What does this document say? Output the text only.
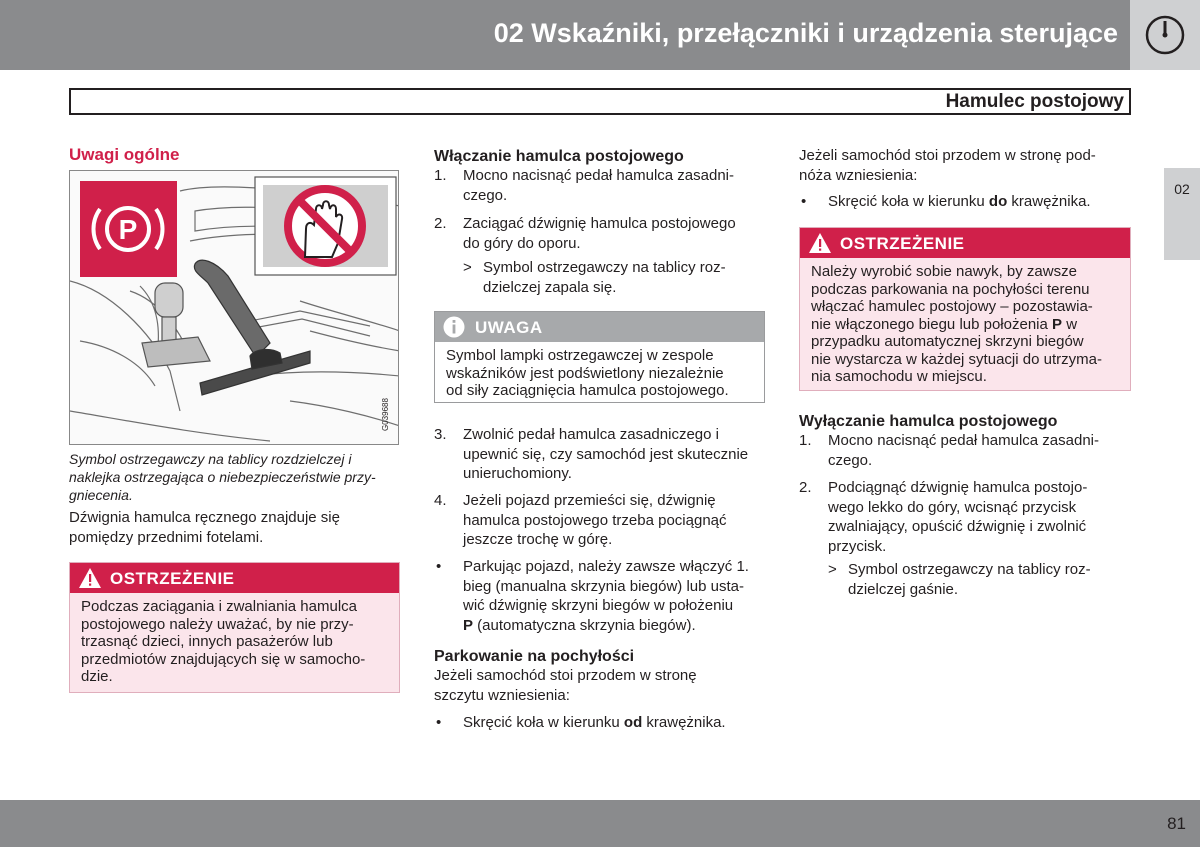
02 Wskaźniki, przełączniki i urządzenia sterujące
Hamulec postojowy
02
Uwagi ogólne
P
G039688
Symbol ostrzegawczy na tablicy rozdzielczej i
naklejka ostrzegająca o niebezpieczeństwie przy-
gniecenia.
Dźwignia hamulca ręcznego znajduje się
pomiędzy przednimi fotelami.
OSTRZEŻENIE
Podczas zaciągania i zwalniania hamulca
postojowego należy uważać, by nie przy-
trzasnąć dzieci, innych pasażerów lub
przedmiotów znajdujących się w samocho-
dzie.
Włączanie hamulca postojowego
1. Mocno nacisnąć pedał hamulca zasadni-
czego.
2. Zaciągać dźwignię hamulca postojowego
do góry do oporu.
> Symbol ostrzegawczy na tablicy roz-
dzielczej zapala się.
UWAGA
Symbol lampki ostrzegawczej w zespole
wskaźników jest podświetlony niezależnie
od siły zaciągnięcia hamulca postojowego.
3. Zwolnić pedał hamulca zasadniczego i
upewnić się, czy samochód jest skutecznie
unieruchomiony.
4. Jeżeli pojazd przemieści się, dźwignię
hamulca postojowego trzeba pociągnąć
jeszcze trochę w górę.
• Parkując pojazd, należy zawsze włączyć 1.
bieg (manualna skrzynia biegów) lub usta-
wić dźwignię skrzyni biegów w położeniu
P (automatyczna skrzynia biegów).
Parkowanie na pochyłości
Jeżeli samochód stoi przodem w stronę
szczytu wzniesienia:
• Skręcić koła w kierunku od krawężnika.
Jeżeli samochód stoi przodem w stronę pod-
nóża wzniesienia:
• Skręcić koła w kierunku do krawężnika.
OSTRZEŻENIE
Należy wyrobić sobie nawyk, by zawsze
podczas parkowania na pochyłości terenu
włączać hamulec postojowy – pozostawia-
nie włączonego biegu lub położenia P w
przypadku automatycznej skrzyni biegów
nie wystarcza w każdej sytuacji do utrzyma-
nia samochodu w miejscu.
Wyłączanie hamulca postojowego
1. Mocno nacisnąć pedał hamulca zasadni-
czego.
2. Podciągnąć dźwignię hamulca postojo-
wego lekko do góry, wcisnąć przycisk
zwalniający, opuścić dźwignię i zwolnić
przycisk.
> Symbol ostrzegawczy na tablicy roz-
dzielczej gaśnie.
81
